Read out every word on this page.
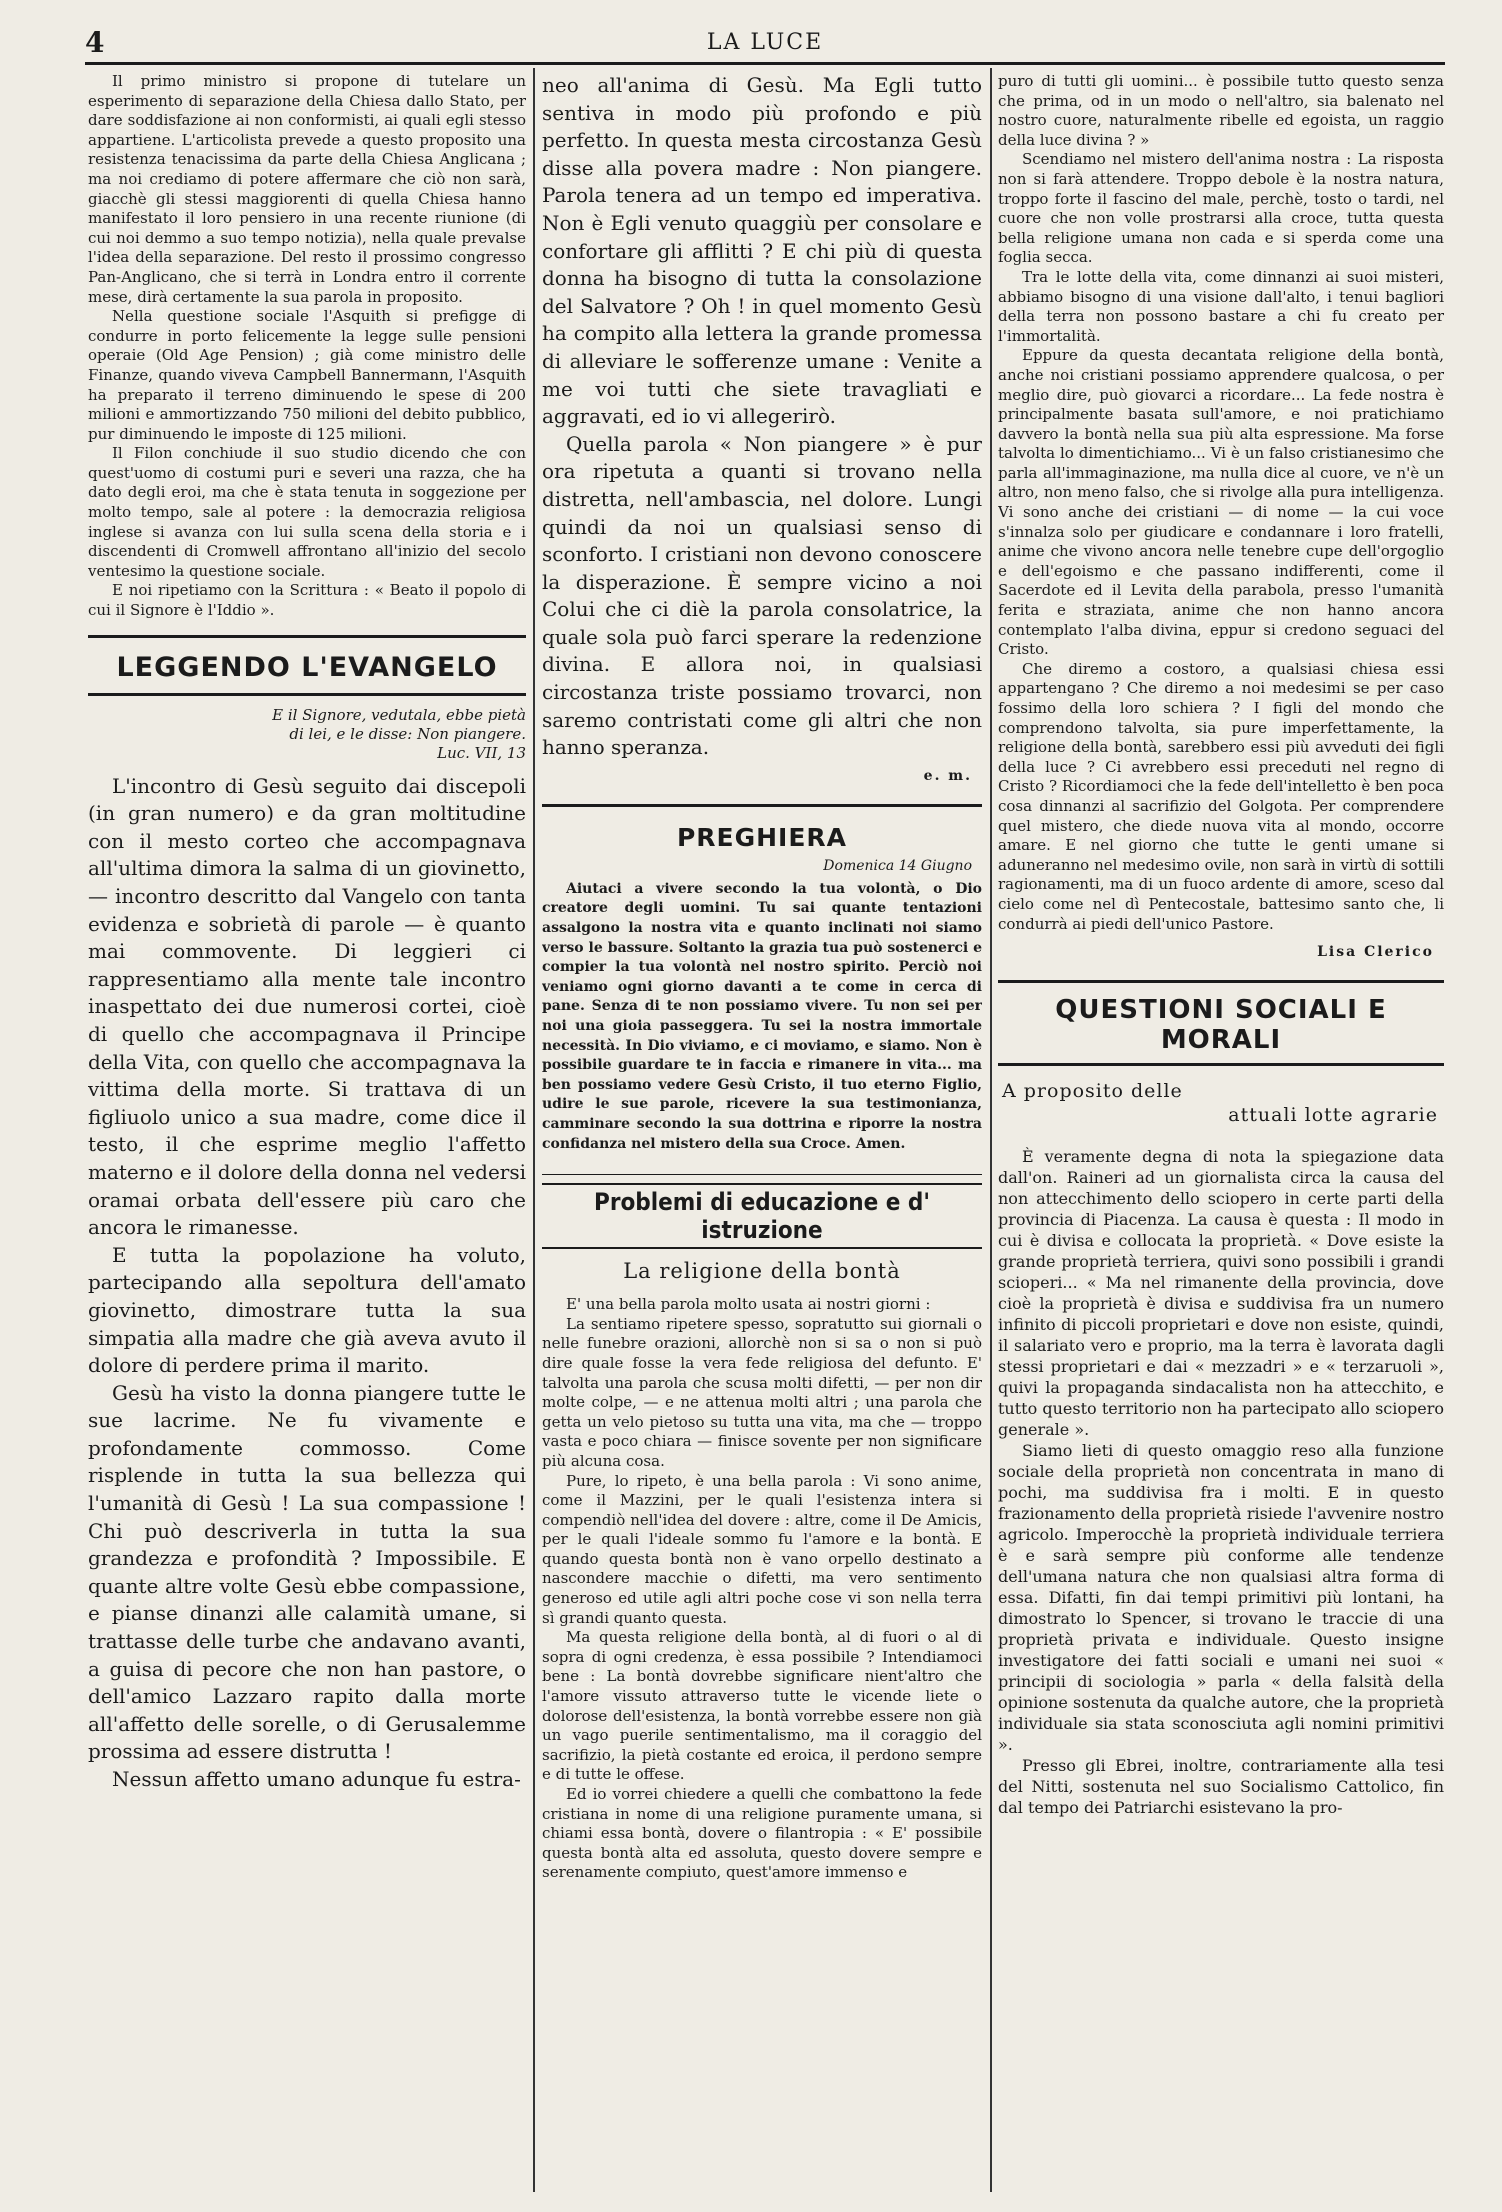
4	LA LUCE

Il primo ministro si propone di tutelare un esperimento di separazione della Chiesa dallo Stato, per dare soddisfazione ai non conformisti, ai quali egli stesso appartiene. L'articolista prevede a questo proposito una resistenza tenacissima da parte della Chiesa Anglicana ; ma noi crediamo di potere affermare che ciò non sarà, giacchè gli stessi maggiorenti di quella Chiesa hanno manifestato il loro pensiero in una recente riunione (di cui noi demmo a suo tempo notizia), nella quale prevalse l'idea della separazione. Del resto il prossimo congresso Pan-Anglicano, che si terrà in Londra entro il corrente mese, dirà certamente la sua parola in proposito.

Nella questione sociale l'Asquith si prefigge di condurre in porto felicemente la legge sulle pensioni operaie (Old Age Pension) ; già come ministro delle Finanze, quando viveva Campbell Bannermann, l'Asquith ha preparato il terreno diminuendo le spese di 200 milioni e ammortizzando 750 milioni del debito pubblico, pur diminuendo le imposte di 125 milioni.

Il Filon conchiude il suo studio dicendo che con quest'uomo di costumi puri e severi una razza, che ha dato degli eroi, ma che è stata tenuta in soggezione per molto tempo, sale al potere : la democrazia religiosa inglese si avanza con lui sulla scena della storia e i discendenti di Cromwell affrontano all'inizio del secolo ventesimo la questione sociale.

E noi ripetiamo con la Scrittura : « Beato il popolo di cui il Signore è l'Iddio ».

LEGGENDO L'EVANGELO
E il Signore, vedutala, ebbe pietà
di lei, e le disse: Non piangere.
Luc. VII, 13

L'incontro di Gesù seguito dai discepoli (in gran numero) e da gran moltitudine con il mesto corteo che accompagnava all'ultima dimora la salma di un giovinetto, — incontro descritto dal Vangelo con tanta evidenza e sobrietà di parole — è quanto mai commovente. Di leggieri ci rappresentiamo alla mente tale incontro inaspettato dei due numerosi cortei, cioè di quello che accompagnava il Principe della Vita, con quello che accompagnava la vittima della morte. Si trattava di un figliuolo unico a sua madre, come dice il testo, il che esprime meglio l'affetto materno e il dolore della donna nel vedersi oramai orbata dell'essere più caro che ancora le rimanesse.

E tutta la popolazione ha voluto, partecipando alla sepoltura dell'amato giovinetto, dimostrare tutta la sua simpatia alla madre che già aveva avuto il dolore di perdere prima il marito.

Gesù ha visto la donna piangere tutte le sue lacrime. Ne fu vivamente e profondamente commosso. Come risplende in tutta la sua bellezza qui l'umanità di Gesù ! La sua compassione ! Chi può descriverla in tutta la sua grandezza e profondità ? Impossibile. E quante altre volte Gesù ebbe compassione, e pianse dinanzi alle calamità umane, si trattasse delle turbe che andavano avanti, a guisa di pecore che non han pastore, o dell'amico Lazzaro rapito dalla morte all'affetto delle sorelle, o di Gerusalemme prossima ad essere distrutta !

Nessun affetto umano adunque fu estra-

neo all'anima di Gesù. Ma Egli tutto sentiva in modo più profondo e più perfetto. In questa mesta circostanza Gesù disse alla povera madre : Non piangere. Parola tenera ad un tempo ed imperativa. Non è Egli venuto quaggiù per consolare e confortare gli afflitti ? E chi più di questa donna ha bisogno di tutta la consolazione del Salvatore ? Oh ! in quel momento Gesù ha compito alla lettera la grande promessa di alleviare le sofferenze umane : Venite a me voi tutti che siete travagliati e aggravati, ed io vi allegerirò.

Quella parola « Non piangere » è pur ora ripetuta a quanti si trovano nella distretta, nell'ambascia, nel dolore. Lungi quindi da noi un qualsiasi senso di sconforto. I cristiani non devono conoscere la disperazione. È sempre vicino a noi Colui che ci diè la parola consolatrice, la quale sola può farci sperare la redenzione divina. E allora noi, in qualsiasi circostanza triste possiamo trovarci, non saremo contristati come gli altri che non hanno speranza.

e. m.
PREGHIERA
Domenica 14 Giugno

Aiutaci a vivere secondo la tua volontà, o Dio creatore degli uomini. Tu sai quante tentazioni assalgono la nostra vita e quanto inclinati noi siamo verso le bassure. Soltanto la grazia tua può sostenerci e compier la tua volontà nel nostro spirito. Perciò noi veniamo ogni giorno davanti a te come in cerca di pane. Senza di te non possiamo vivere. Tu non sei per noi una gioia passeggera. Tu sei la nostra immortale necessità. In Dio viviamo, e ci moviamo, e siamo. Non è possibile guardare te in faccia e rimanere in vita... ma ben possiamo vedere Gesù Cristo, il tuo eterno Figlio, udire le sue parole, ricevere la sua testimonianza, camminare secondo la sua dottrina e riporre la nostra confidanza nel mistero della sua Croce. Amen.

Problemi di educazione e d' istruzione
La religione della bontà

E' una bella parola molto usata ai nostri giorni :

La sentiamo ripetere spesso, sopratutto sui giornali o nelle funebre orazioni, allorchè non si sa o non si può dire quale fosse la vera fede religiosa del defunto. E' talvolta una parola che scusa molti difetti, — per non dir molte colpe, — e ne attenua molti altri ; una parola che getta un velo pietoso su tutta una vita, ma che — troppo vasta e poco chiara — finisce sovente per non significare più alcuna cosa.

Pure, lo ripeto, è una bella parola : Vi sono anime, come il Mazzini, per le quali l'esistenza intera si compendiò nell'idea del dovere : altre, come il De Amicis, per le quali l'ideale sommo fu l'amore e la bontà. E quando questa bontà non è vano orpello destinato a nascondere macchie o difetti, ma vero sentimento generoso ed utile agli altri poche cose vi son nella terra sì grandi quanto questa.

Ma questa religione della bontà, al di fuori o al di sopra di ogni credenza, è essa possibile ? Intendiamoci bene : La bontà dovrebbe significare nient'altro che l'amore vissuto attraverso tutte le vicende liete o dolorose dell'esistenza, la bontà vorrebbe essere non già un vago puerile sentimentalismo, ma il coraggio del sacrifizio, la pietà costante ed eroica, il perdono sempre e di tutte le offese.

Ed io vorrei chiedere a quelli che combattono la fede cristiana in nome di una religione puramente umana, si chiami essa bontà, dovere o filantropia : « E' possibile questa bontà alta ed assoluta, questo dovere sempre e serenamente compiuto, quest'amore immenso e

puro di tutti gli uomini... è possibile tutto questo senza che prima, od in un modo o nell'altro, sia balenato nel nostro cuore, naturalmente ribelle ed egoista, un raggio della luce divina ? »

Scendiamo nel mistero dell'anima nostra : La risposta non si farà attendere. Troppo debole è la nostra natura, troppo forte il fascino del male, perchè, tosto o tardi, nel cuore che non volle prostrarsi alla croce, tutta questa bella religione umana non cada e si sperda come una foglia secca.

Tra le lotte della vita, come dinnanzi ai suoi misteri, abbiamo bisogno di una visione dall'alto, i tenui bagliori della terra non possono bastare a chi fu creato per l'immortalità.

Eppure da questa decantata religione della bontà, anche noi cristiani possiamo apprendere qualcosa, o per meglio dire, può giovarci a ricordare... La fede nostra è principalmente basata sull'amore, e noi pratichiamo davvero la bontà nella sua più alta espressione. Ma forse talvolta lo dimentichiamo... Vi è un falso cristianesimo che parla all'immaginazione, ma nulla dice al cuore, ve n'è un altro, non meno falso, che si rivolge alla pura intelligenza. Vi sono anche dei cristiani — di nome — la cui voce s'innalza solo per giudicare e condannare i loro fratelli, anime che vivono ancora nelle tenebre cupe dell'orgoglio e dell'egoismo e che passano indifferenti, come il Sacerdote ed il Levita della parabola, presso l'umanità ferita e straziata, anime che non hanno ancora contemplato l'alba divina, eppur si credono seguaci del Cristo.

Che diremo a costoro, a qualsiasi chiesa essi appartengano ? Che diremo a noi medesimi se per caso fossimo della loro schiera ? I figli del mondo che comprendono talvolta, sia pure imperfettamente, la religione della bontà, sarebbero essi più avveduti dei figli della luce ? Ci avrebbero essi preceduti nel regno di Cristo ? Ricordiamoci che la fede dell'intelletto è ben poca cosa dinnanzi al sacrifizio del Golgota. Per comprendere quel mistero, che diede nuova vita al mondo, occorre amare. E nel giorno che tutte le genti umane si aduneranno nel medesimo ovile, non sarà in virtù di sottili ragionamenti, ma di un fuoco ardente di amore, sceso dal cielo come nel dì Pentecostale, battesimo santo che, li condurrà ai piedi dell'unico Pastore.

Lisa Clerico
QUESTIONI SOCIALI E MORALI
A proposito delle
attuali lotte agrarie

È veramente degna di nota la spiegazione data dall'on. Raineri ad un giornalista circa la causa del non attecchimento dello sciopero in certe parti della provincia di Piacenza. La causa è questa : Il modo in cui è divisa e collocata la proprietà. « Dove esiste la grande proprietà terriera, quivi sono possibili i grandi scioperi... « Ma nel rimanente della provincia, dove cioè la proprietà è divisa e suddivisa fra un numero infinito di piccoli proprietari e dove non esiste, quindi, il salariato vero e proprio, ma la terra è lavorata dagli stessi proprietari e dai « mezzadri » e « terzaruoli », quivi la propaganda sindacalista non ha attecchito, e tutto questo territorio non ha partecipato allo sciopero generale ».

Siamo lieti di questo omaggio reso alla funzione sociale della proprietà non concentrata in mano di pochi, ma suddivisa fra i molti. E in questo frazionamento della proprietà risiede l'avvenire nostro agricolo. Imperocchè la proprietà individuale terriera è e sarà sempre più conforme alle tendenze dell'umana natura che non qualsiasi altra forma di essa. Difatti, fin dai tempi primitivi più lontani, ha dimostrato lo Spencer, si trovano le traccie di una proprietà privata e individuale. Questo insigne investigatore dei fatti sociali e umani nei suoi « principii di sociologia » parla « della falsità della opinione sostenuta da qualche autore, che la proprietà individuale sia stata sconosciuta agli nomini primitivi ».

Presso gli Ebrei, inoltre, contrariamente alla tesi del Nitti, sostenuta nel suo Socialismo Cattolico, fin dal tempo dei Patriarchi esistevano la pro-
